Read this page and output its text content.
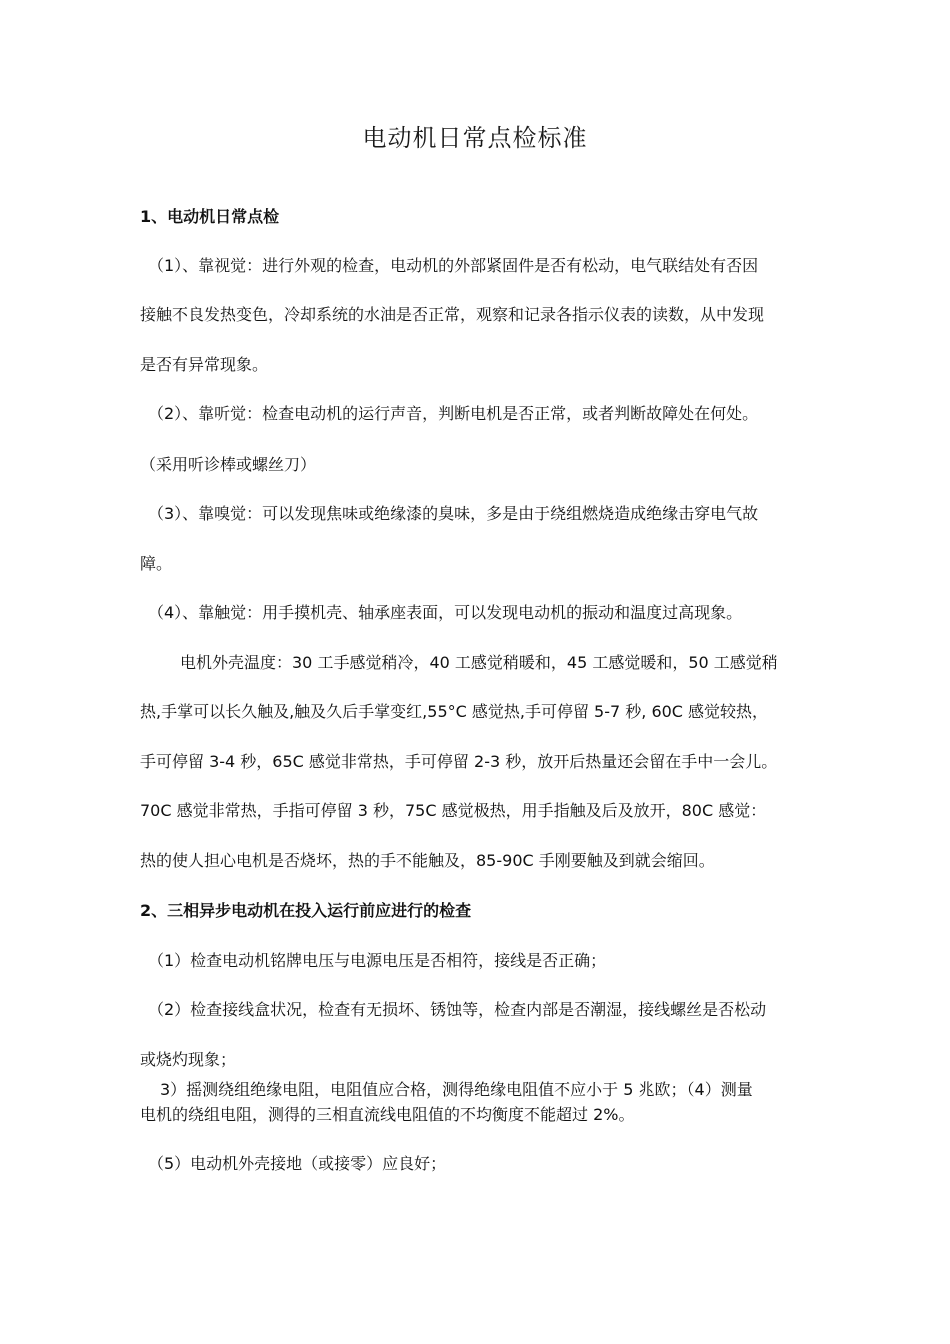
电动机日常点检标准
1、电动机日常点检
（1）、靠视觉：进行外观的检查，电动机的外部紧固件是否有松动，电气联结处有否因
接触不良发热变色，冷却系统的水油是否正常，观察和记录各指示仪表的读数，从中发现
是否有异常现象。
（2）、靠听觉：检查电动机的运行声音，判断电机是否正常，或者判断故障处在何处。
（采用听诊棒或螺丝刀）
（3）、靠嗅觉：可以发现焦味或绝缘漆的臭味，多是由于绕组燃烧造成绝缘击穿电气故
障。
（4）、靠触觉：用手摸机壳、轴承座表面，可以发现电动机的振动和温度过高现象。
电机外壳温度：30 工手感觉稍冷，40 工感觉稍暖和，45 工感觉暖和，50 工感觉稍
热,手掌可以长久触及,触及久后手掌变红,55°C 感觉热,手可停留 5-7 秒, 60C 感觉较热，
手可停留 3-4 秒，65C 感觉非常热，手可停留 2-3 秒，放开后热量还会留在手中一会儿。
70C 感觉非常热，手指可停留 3 秒，75C 感觉极热，用手指触及后及放开，80C 感觉：
热的使人担心电机是否烧坏，热的手不能触及，85-90C 手刚要触及到就会缩回。
2、三相异步电动机在投入运行前应进行的检查
（1）检查电动机铭牌电压与电源电压是否相符，接线是否正确；
（2）检查接线盒状况，检查有无损坏、锈蚀等，检查内部是否潮湿，接线螺丝是否松动
或烧灼现象；
3）摇测绕组绝缘电阻，电阻值应合格，测得绝缘电阻值不应小于 5 兆欧；（4）测量
电机的绕组电阻，测得的三相直流线电阻值的不均衡度不能超过 2%。
（5）电动机外壳接地（或接零）应良好；
